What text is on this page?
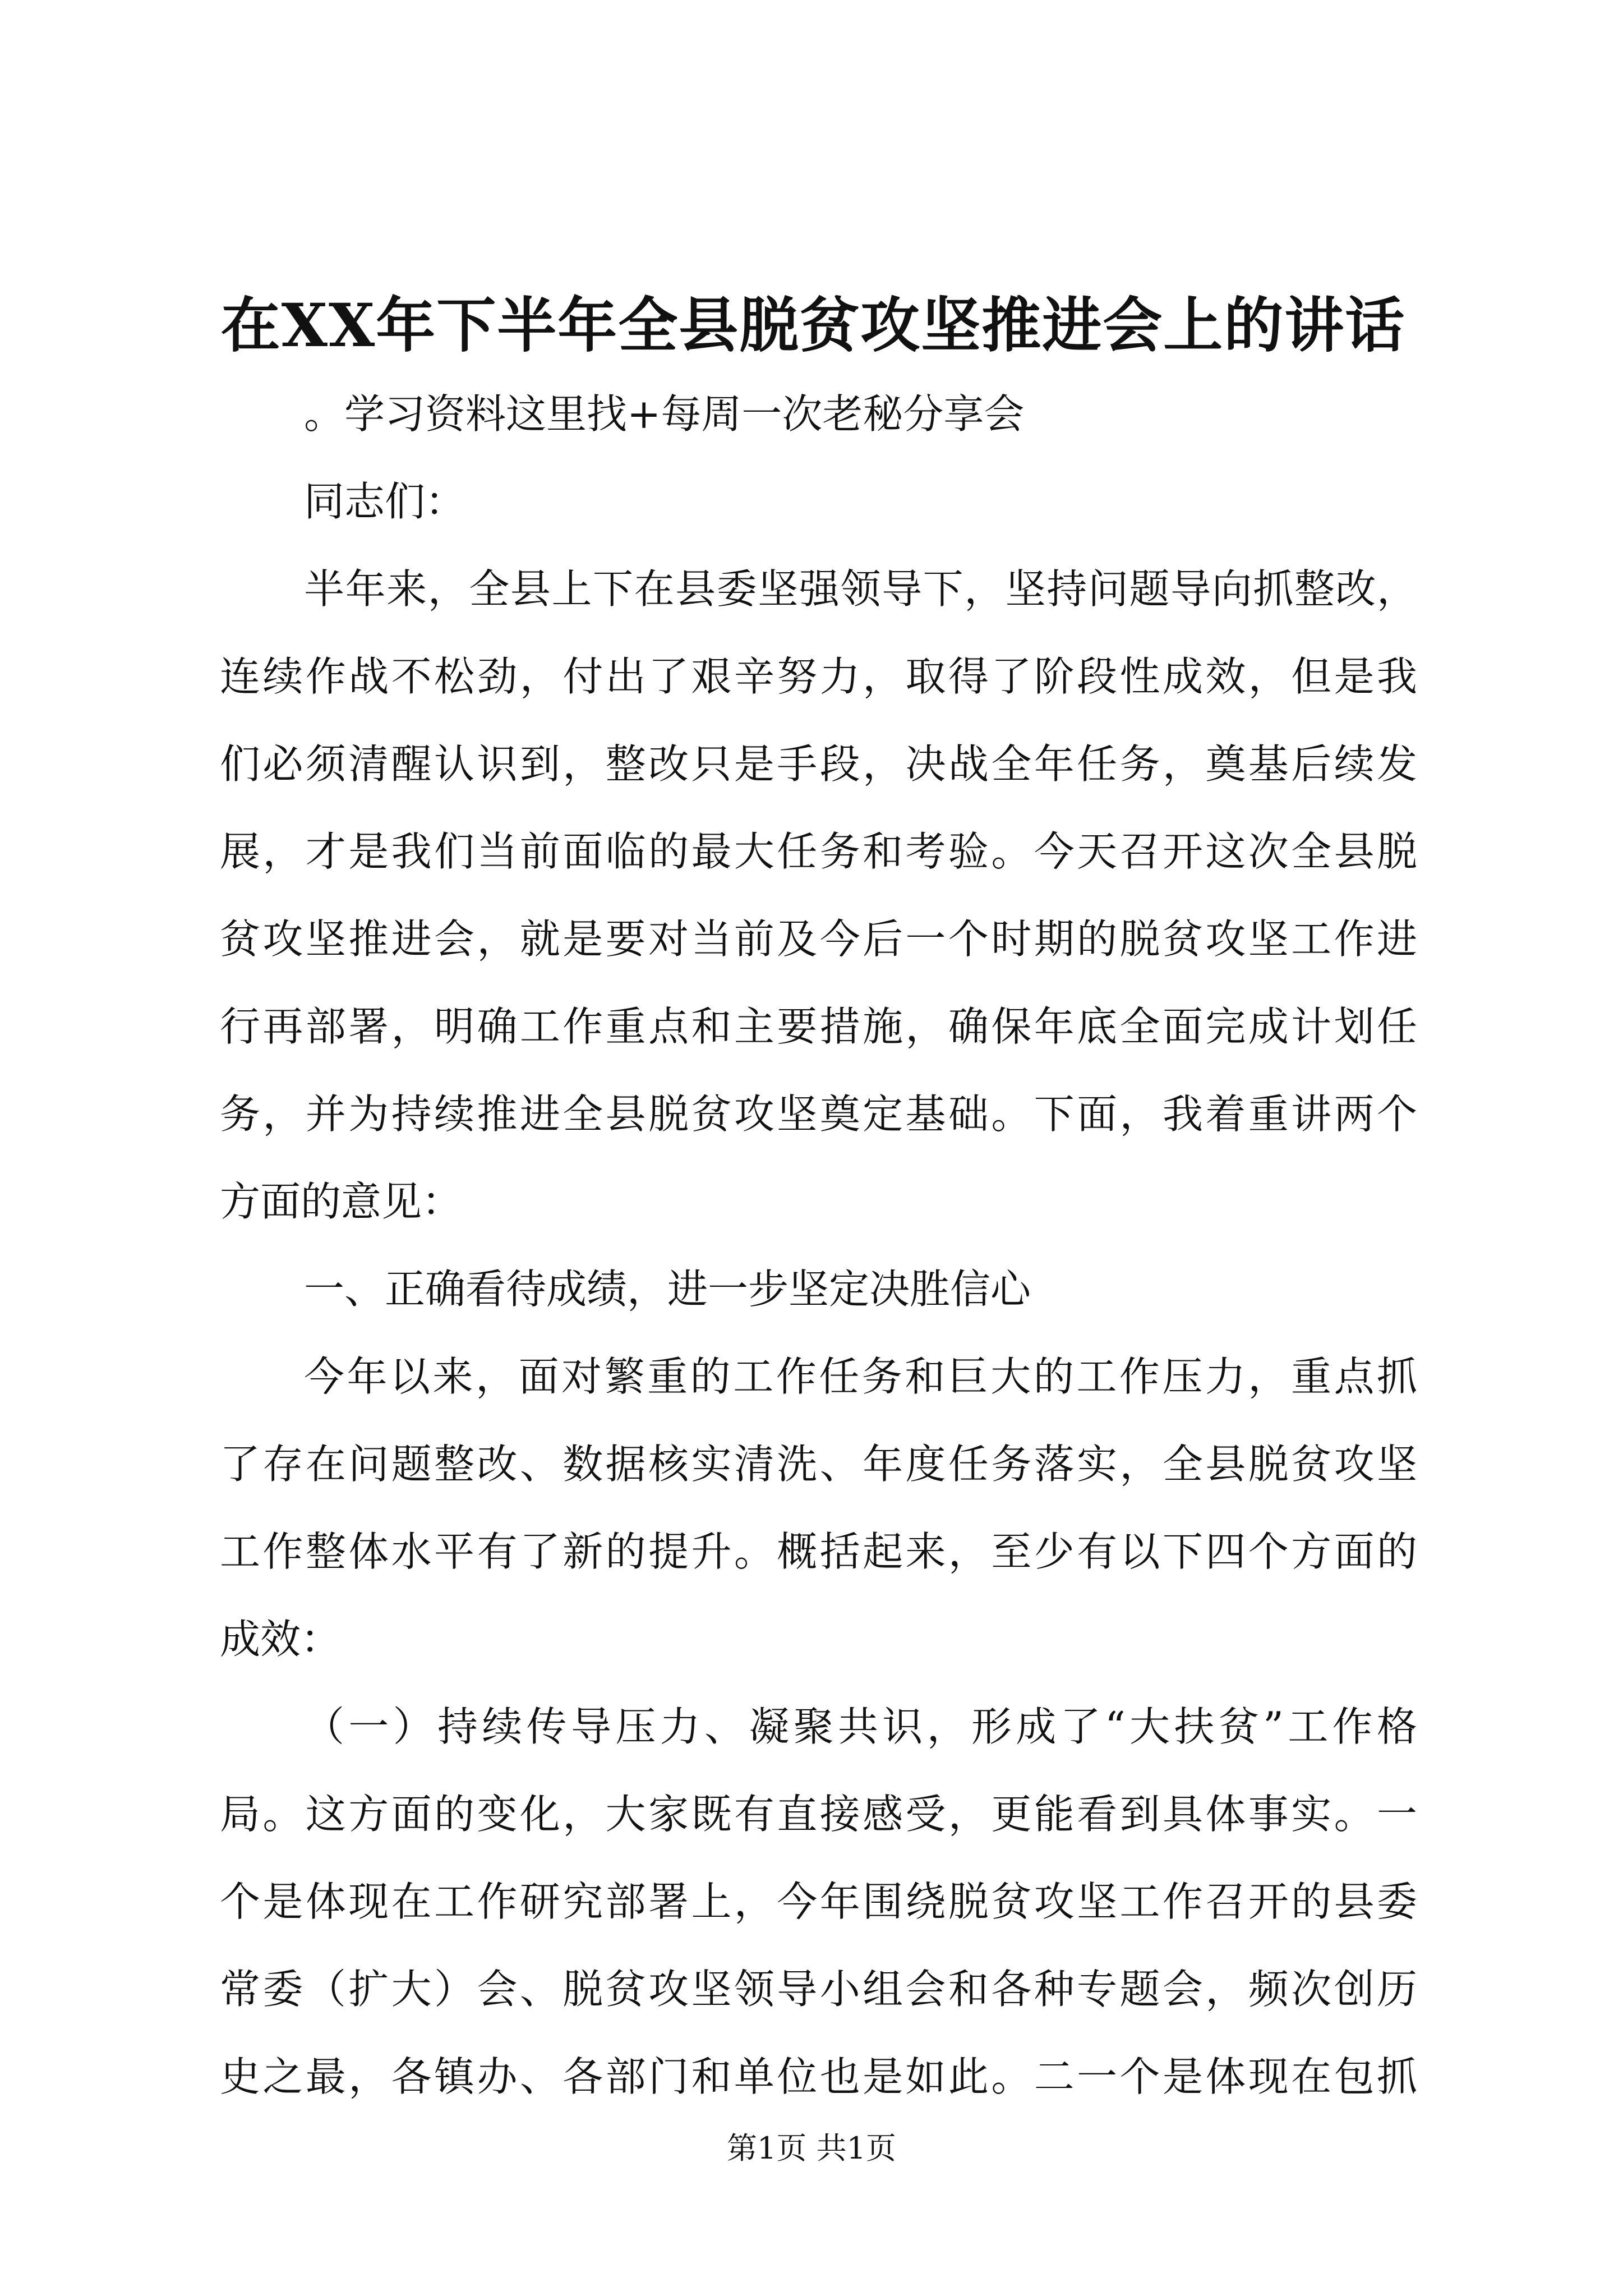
在XX年下半年全县脱贫攻坚推进会上的讲话
。学习资料这里找+每周一次老秘分享会
同志们：
半年来，全县上下在县委坚强领导下，坚持问题导向抓整改，
连续作战不松劲，付出了艰辛努力，取得了阶段性成效，但是我
们必须清醒认识到，整改只是手段，决战全年任务，奠基后续发
展，才是我们当前面临的最大任务和考验。今天召开这次全县脱
贫攻坚推进会，就是要对当前及今后一个时期的脱贫攻坚工作进
行再部署，明确工作重点和主要措施，确保年底全面完成计划任
务，并为持续推进全县脱贫攻坚奠定基础。下面，我着重讲两个
方面的意见：
一、正确看待成绩，进一步坚定决胜信心
今年以来，面对繁重的工作任务和巨大的工作压力，重点抓
了存在问题整改、数据核实清洗、年度任务落实，全县脱贫攻坚
工作整体水平有了新的提升。概括起来，至少有以下四个方面的
成效：
（一）持续传导压力、凝聚共识，形成了“大扶贫”工作格
局。这方面的变化，大家既有直接感受，更能看到具体事实。一
个是体现在工作研究部署上，今年围绕脱贫攻坚工作召开的县委
常委（扩大）会、脱贫攻坚领导小组会和各种专题会，频次创历
史之最，各镇办、各部门和单位也是如此。二一个是体现在包抓
第1页 共1页
